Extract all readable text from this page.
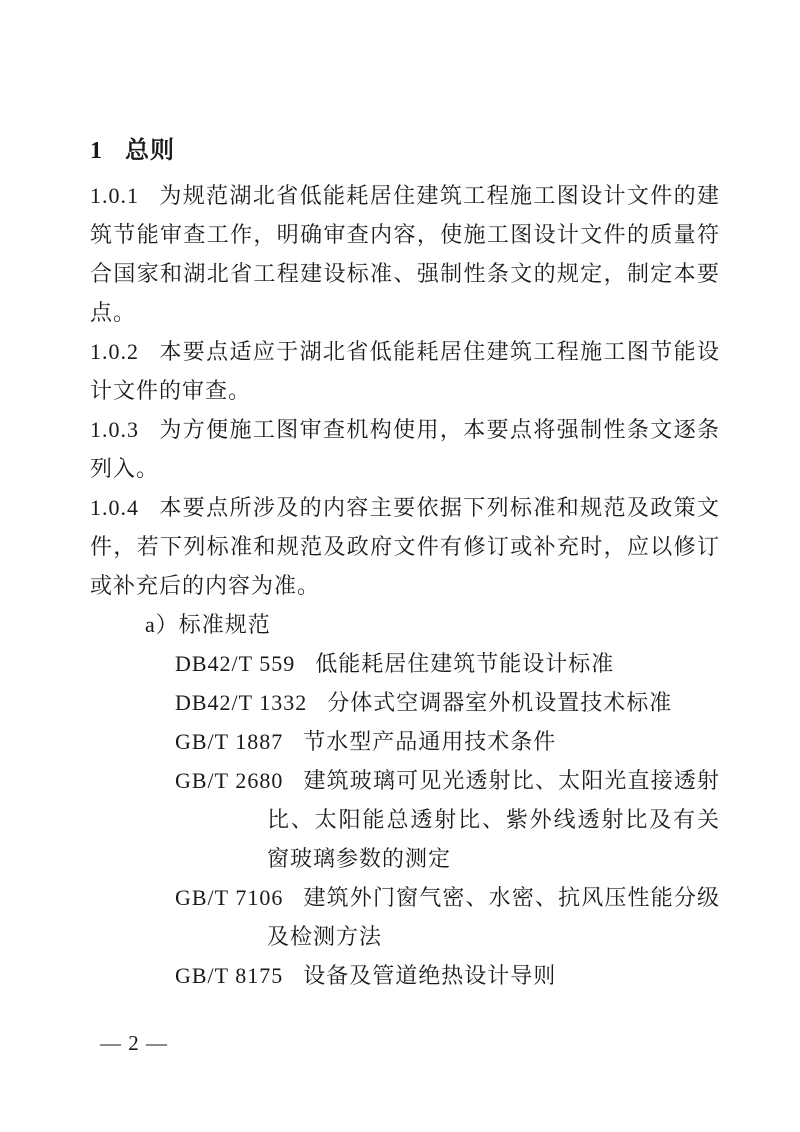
1 总则

1.0.1 为规范湖北省低能耗居住建筑工程施工图设计文件的建筑节能审查工作，明确审查内容，使施工图设计文件的质量符合国家和湖北省工程建设标准、强制性条文的规定，制定本要点。

1.0.2 本要点适应于湖北省低能耗居住建筑工程施工图节能设计文件的审查。

1.0.3 为方便施工图审查机构使用，本要点将强制性条文逐条列入。

1.0.4 本要点所涉及的内容主要依据下列标准和规范及政策文件，若下列标准和规范及政府文件有修订或补充时，应以修订或补充后的内容为准。

a）标准规范

DB42/T 559 低能耗居住建筑节能设计标准

DB42/T 1332 分体式空调器室外机设置技术标准

GB/T 1887 节水型产品通用技术条件

GB/T 2680 建筑玻璃可见光透射比、太阳光直接透射比、太阳能总透射比、紫外线透射比及有关窗玻璃参数的测定

GB/T 7106 建筑外门窗气密、水密、抗风压性能分级及检测方法

GB/T 8175 设备及管道绝热设计导则

— 2 —
